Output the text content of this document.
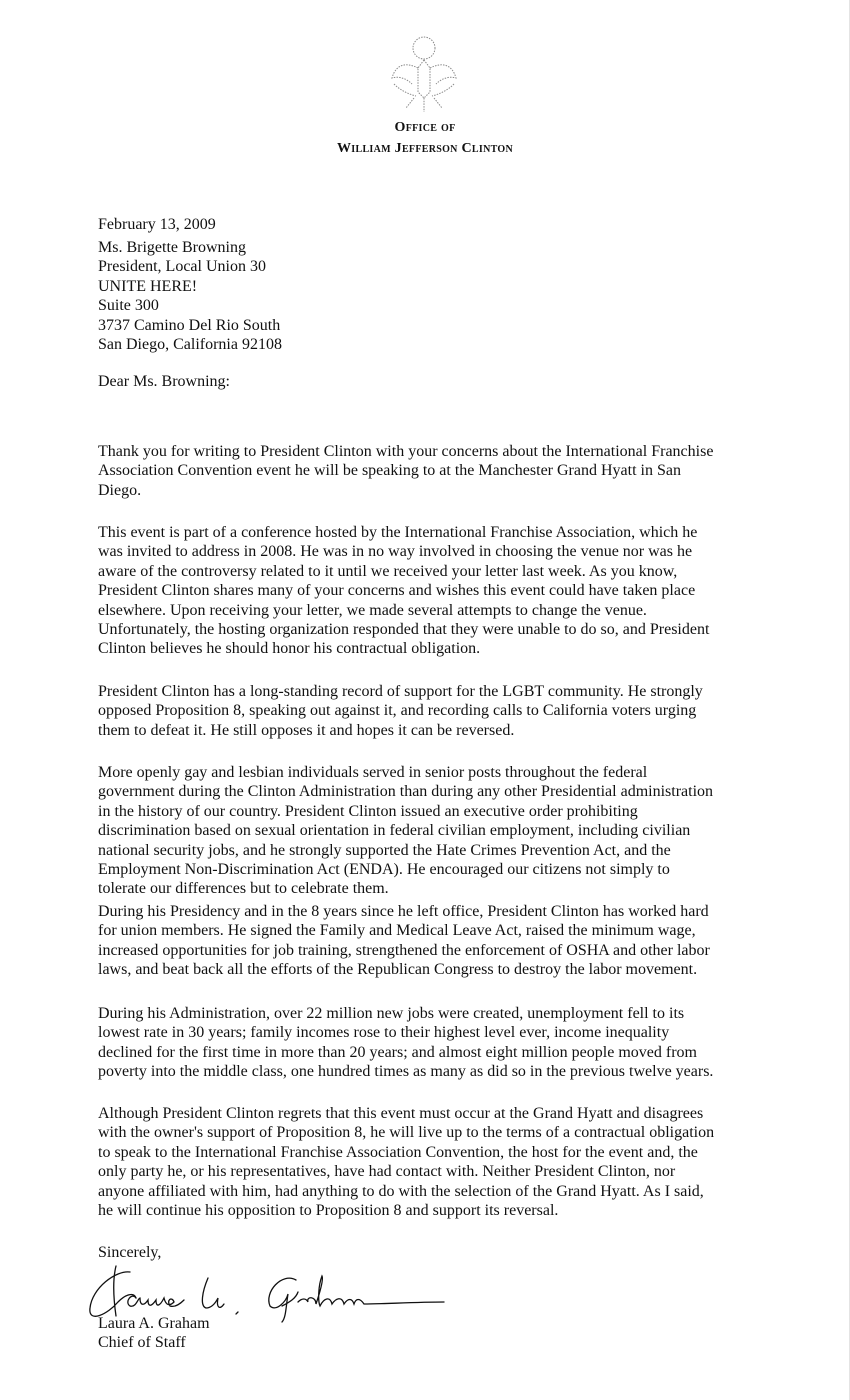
Office of
William Jefferson Clinton
February 13, 2009
Ms. Brigette Browning
President, Local Union 30
UNITE HERE!
Suite 300
3737 Camino Del Rio South
San Diego, California 92108
Dear Ms. Browning:
Thank you for writing to President Clinton with your concerns about the International Franchise
Association Convention event he will be speaking to at the Manchester Grand Hyatt in San
Diego.
This event is part of a conference hosted by the International Franchise Association, which he
was invited to address in 2008. He was in no way involved in choosing the venue nor was he
aware of the controversy related to it until we received your letter last week. As you know,
President Clinton shares many of your concerns and wishes this event could have taken place
elsewhere. Upon receiving your letter, we made several attempts to change the venue.
Unfortunately, the hosting organization responded that they were unable to do so, and President
Clinton believes he should honor his contractual obligation.
President Clinton has a long-standing record of support for the LGBT community. He strongly
opposed Proposition 8, speaking out against it, and recording calls to California voters urging
them to defeat it. He still opposes it and hopes it can be reversed.
More openly gay and lesbian individuals served in senior posts throughout the federal
government during the Clinton Administration than during any other Presidential administration
in the history of our country. President Clinton issued an executive order prohibiting
discrimination based on sexual orientation in federal civilian employment, including civilian
national security jobs, and he strongly supported the Hate Crimes Prevention Act, and the
Employment Non-Discrimination Act (ENDA). He encouraged our citizens not simply to
tolerate our differences but to celebrate them.
During his Presidency and in the 8 years since he left office, President Clinton has worked hard
for union members. He signed the Family and Medical Leave Act, raised the minimum wage,
increased opportunities for job training, strengthened the enforcement of OSHA and other labor
laws, and beat back all the efforts of the Republican Congress to destroy the labor movement.
During his Administration, over 22 million new jobs were created, unemployment fell to its
lowest rate in 30 years; family incomes rose to their highest level ever, income inequality
declined for the first time in more than 20 years; and almost eight million people moved from
poverty into the middle class, one hundred times as many as did so in the previous twelve years.
Although President Clinton regrets that this event must occur at the Grand Hyatt and disagrees
with the owner's support of Proposition 8, he will live up to the terms of a contractual obligation
to speak to the International Franchise Association Convention, the host for the event and, the
only party he, or his representatives, have had contact with. Neither President Clinton, nor
anyone affiliated with him, had anything to do with the selection of the Grand Hyatt. As I said,
he will continue his opposition to Proposition 8 and support its reversal.
Sincerely,
Laura A. Graham
Chief of Staff
